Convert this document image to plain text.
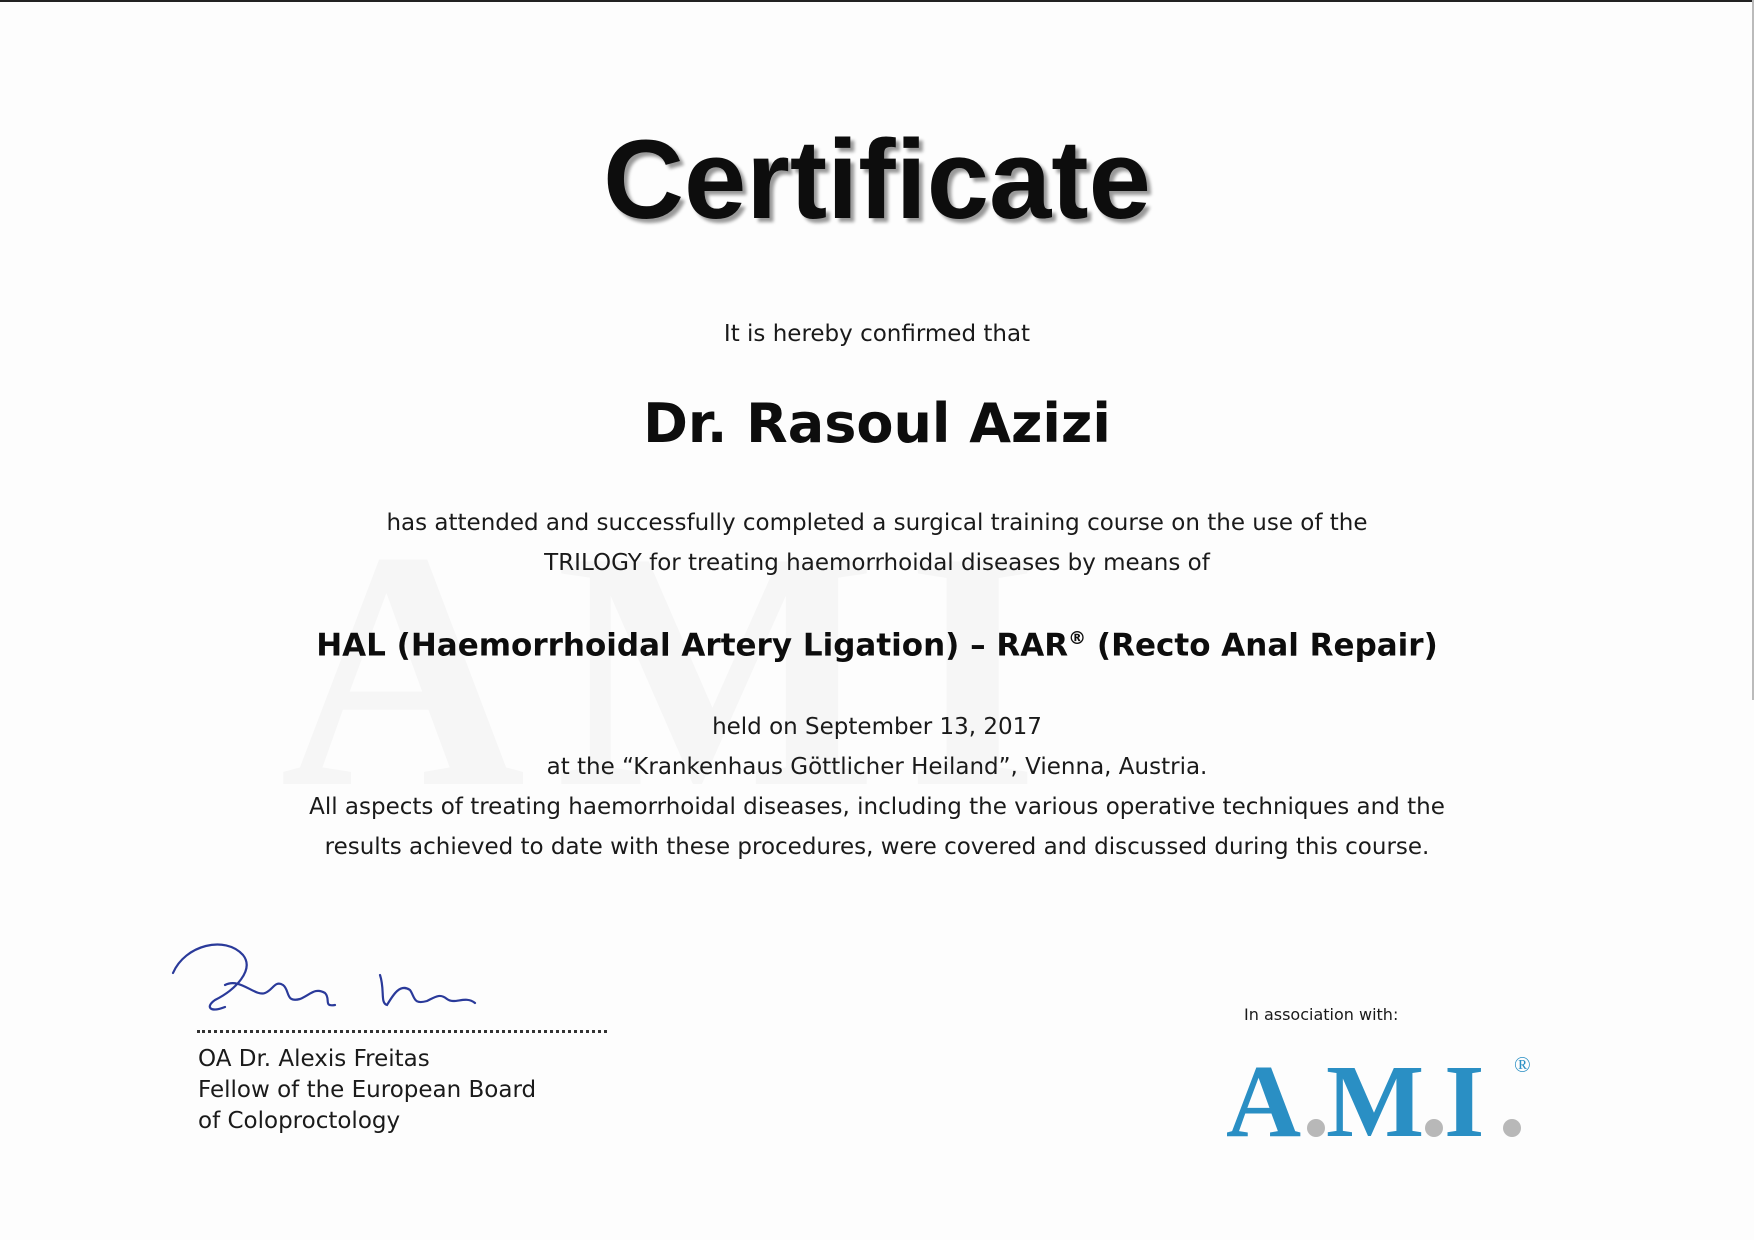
Certificate
It is hereby confirmed that
Dr. Rasoul Azizi
has attended and successfully completed a surgical training course on the use of the
TRILOGY for treating haemorrhoidal diseases by means of
HAL (Haemorrhoidal Artery Ligation) – RAR® (Recto Anal Repair)
held on September 13, 2017
at the “Krankenhaus Göttlicher Heiland”, Vienna, Austria.
All aspects of treating haemorrhoidal diseases, including the various operative techniques and the
results achieved to date with these procedures, were covered and discussed during this course.
OA Dr. Alexis Freitas
Fellow of the European Board
of Coloproctology
In association with:
A M I ®
